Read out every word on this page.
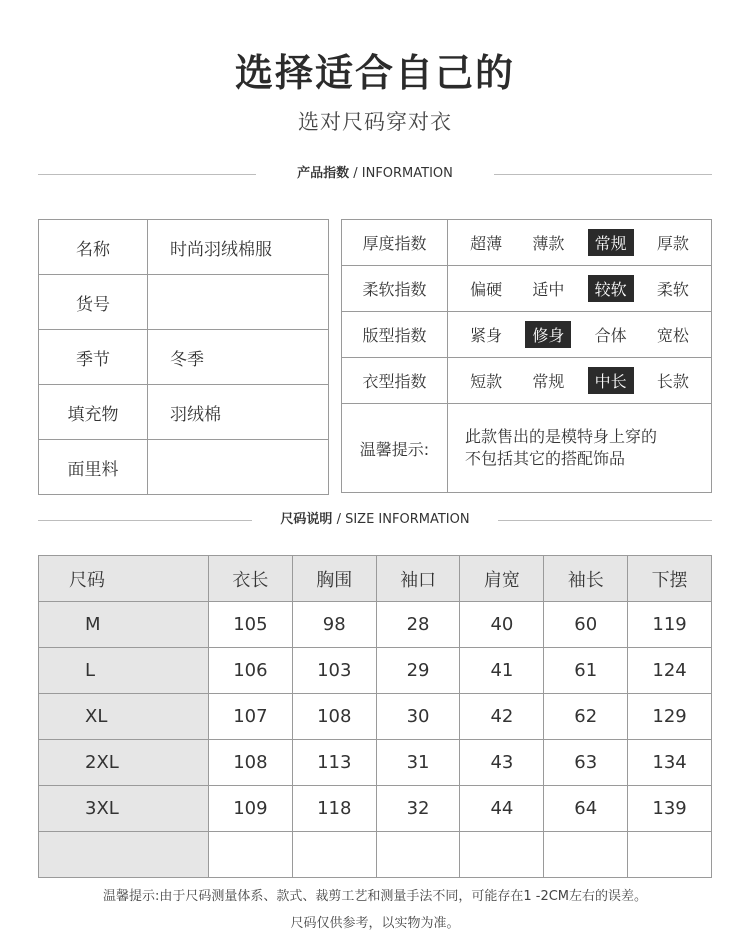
选择适合自己的
选对尺码穿对衣
产品指数 / INFORMATION
名称	时尚羽绒棉服
货号	
季节	冬季
填充物	羽绒棉
面里料	
厚度指数	超薄 薄款 常规 厚款

柔软指数	偏硬 适中 较软 柔软

版型指数	紧身 修身 合体 宽松

衣型指数	短款 常规 中长 长款

温馨提示:	此款售出的是模特身上穿的
不包括其它的搭配饰品
尺码说明 / SIZE INFORMATION
尺码	衣长	胸围	袖口	肩宽	袖长	下摆
M	105	98	28	40	60	119
L	106	103	29	41	61	124
XL	107	108	30	42	62	129
2XL	108	113	31	43	63	134
3XL	109	118	32	44	64	139

温馨提示:由于尺码测量体系、款式、裁剪工艺和测量手法不同，可能存在1 -2CM左右的误差。
尺码仅供参考，以实物为准。
